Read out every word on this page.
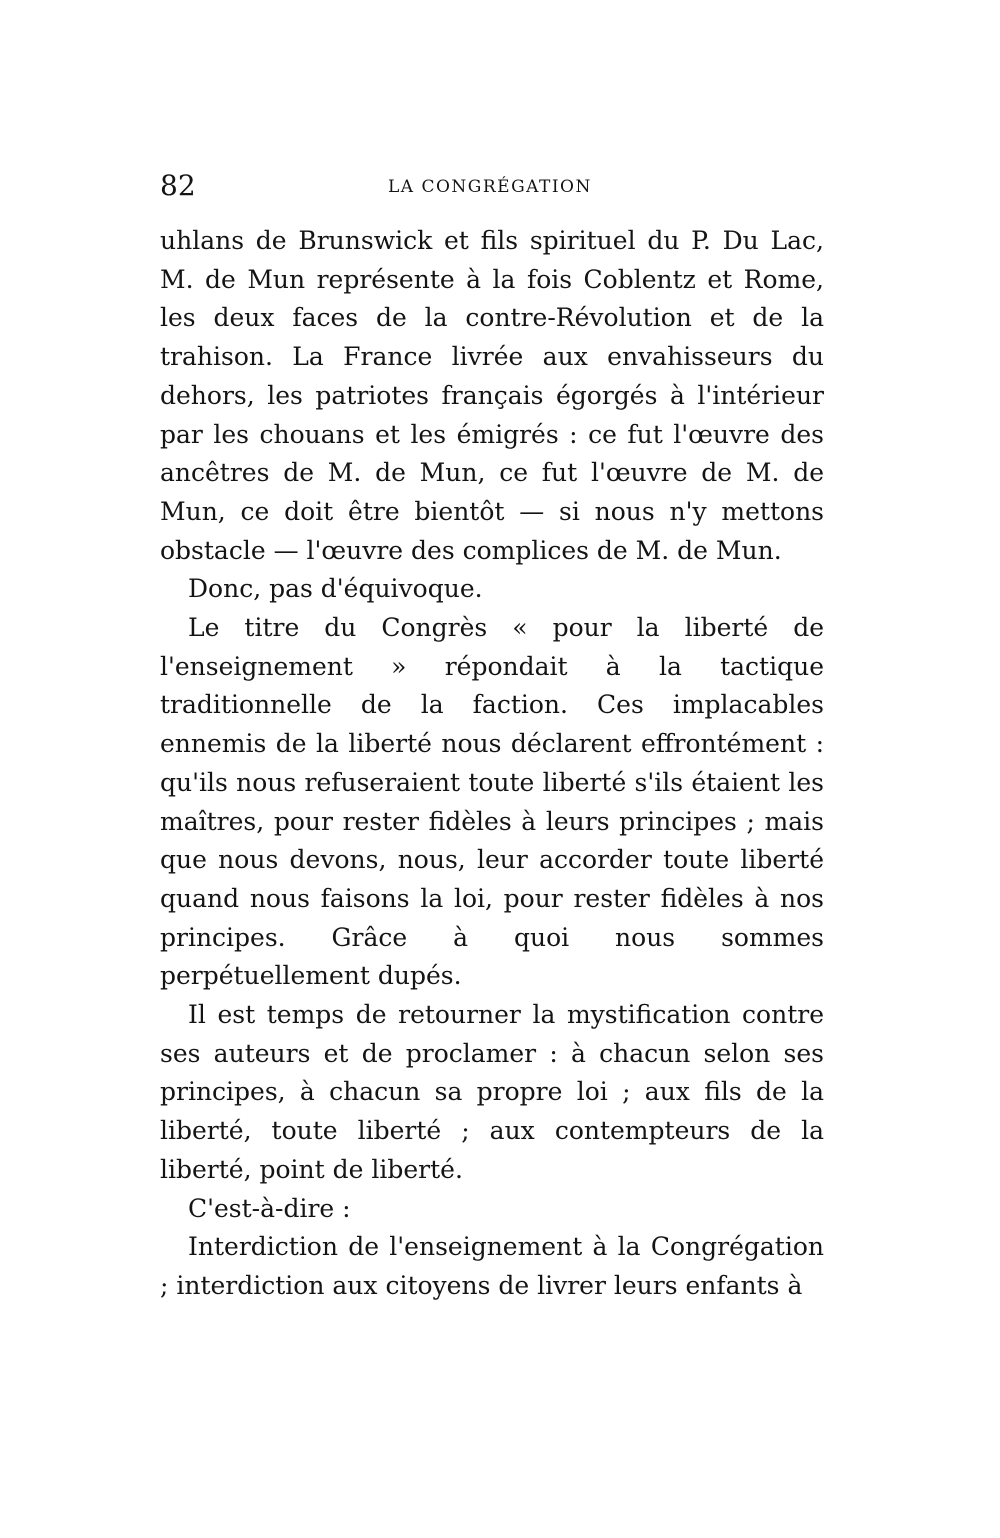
82	LA CONGRÉGATION

uhlans de Brunswick et fils spirituel du P. Du Lac, M. de Mun représente à la fois Coblentz et Rome, les deux faces de la contre-Révolution et de la trahison. La France livrée aux envahisseurs du dehors, les patriotes français égorgés à l'intérieur par les chouans et les émigrés : ce fut l'œuvre des ancêtres de M. de Mun, ce fut l'œuvre de M. de Mun, ce doit être bientôt — si nous n'y mettons obstacle — l'œuvre des complices de M. de Mun.

Donc, pas d'équivoque.

Le titre du Congrès « pour la liberté de l'enseignement » répondait à la tactique traditionnelle de la faction. Ces implacables ennemis de la liberté nous déclarent effrontément : qu'ils nous refuseraient toute liberté s'ils étaient les maîtres, pour rester fidèles à leurs principes ; mais que nous devons, nous, leur accorder toute liberté quand nous faisons la loi, pour rester fidèles à nos principes. Grâce à quoi nous sommes perpétuellement dupés.

Il est temps de retourner la mystification contre ses auteurs et de proclamer : à chacun selon ses principes, à chacun sa propre loi ; aux fils de la liberté, toute liberté ; aux contempteurs de la liberté, point de liberté.

C'est-à-dire :

Interdiction de l'enseignement à la Congrégation ; interdiction aux citoyens de livrer leurs enfants à
